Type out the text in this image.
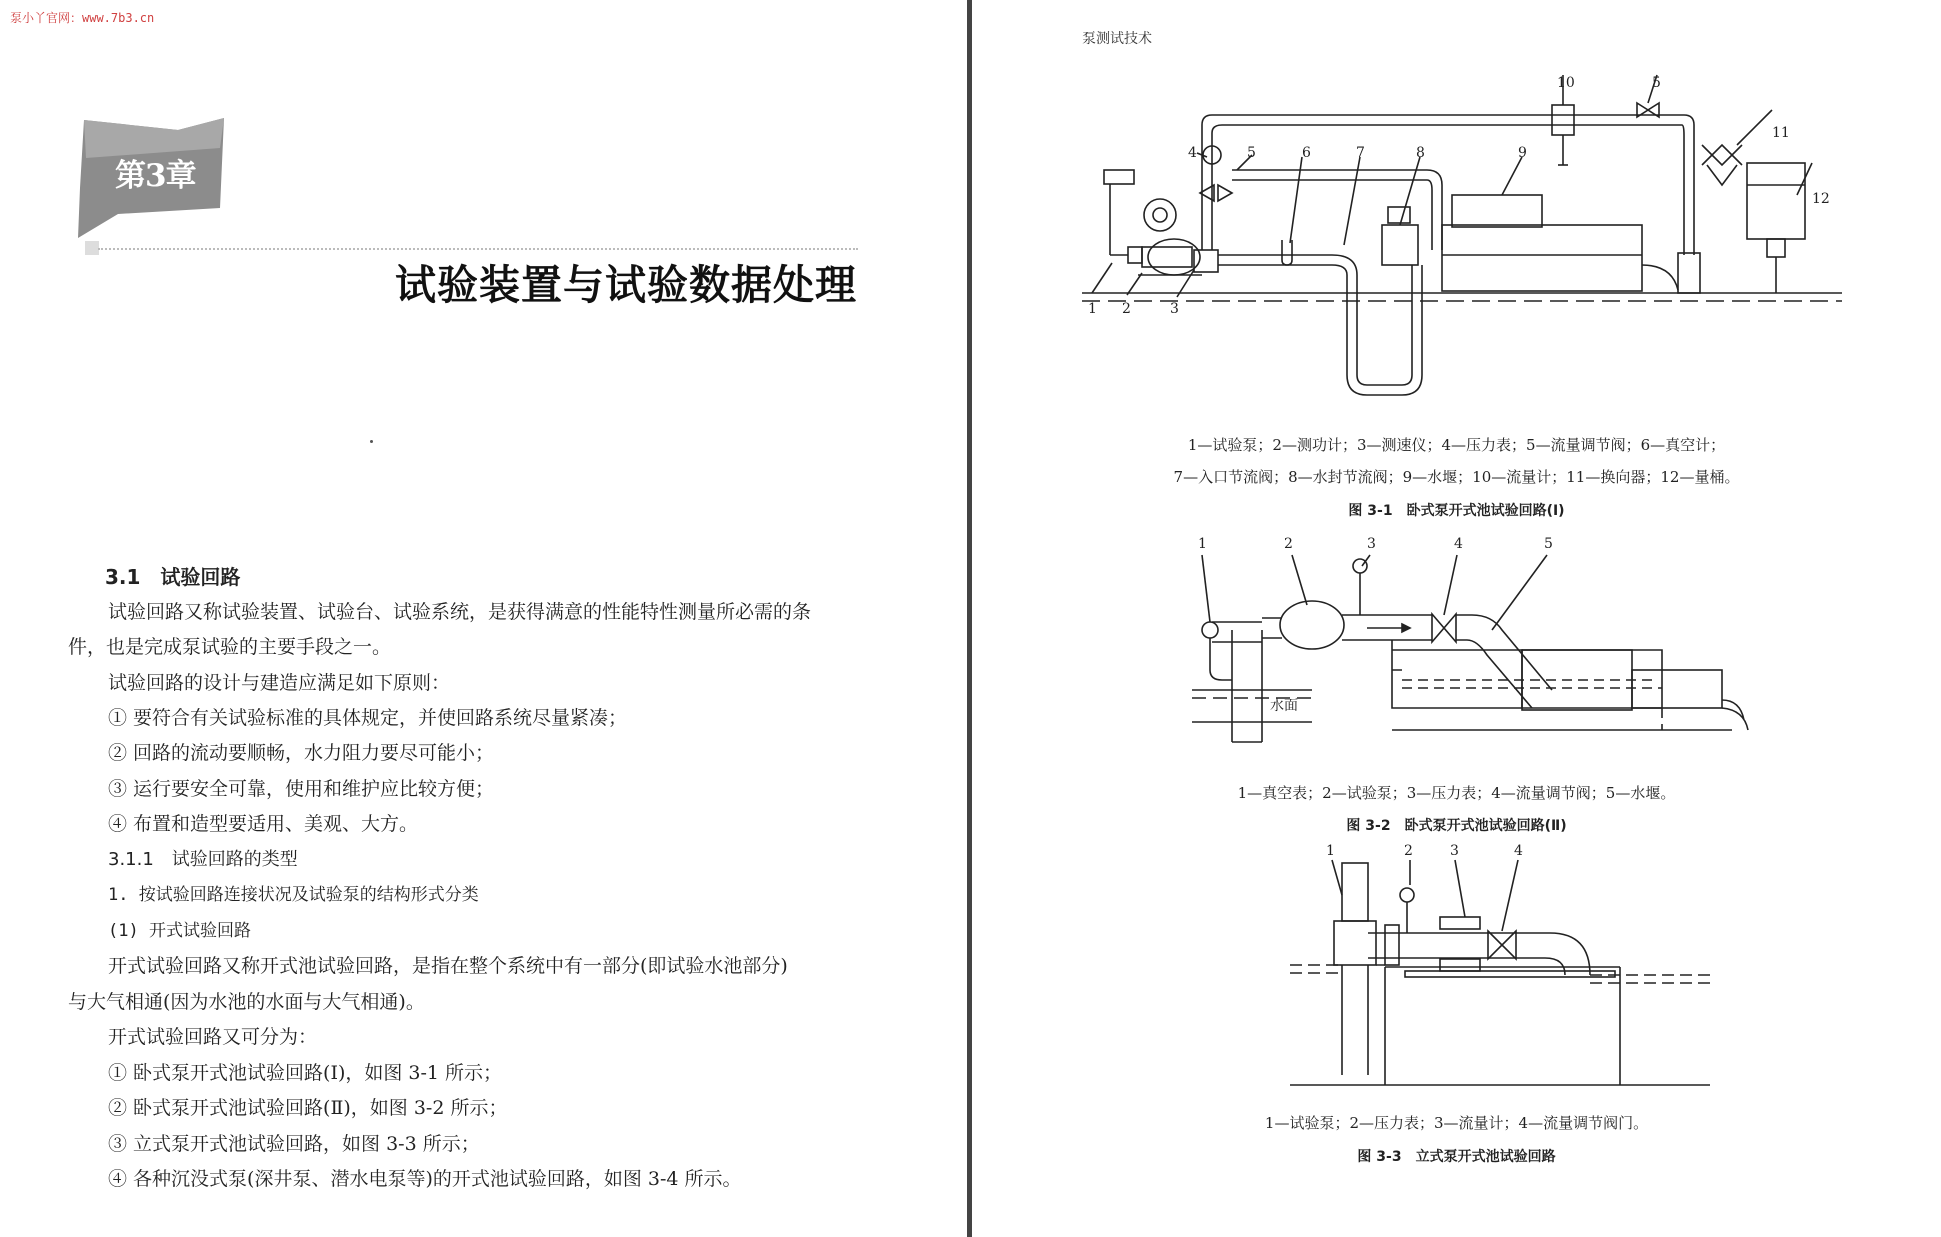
泵小丫官网：www.7b3.cn
第3章
试验装置与试验数据处理
3.1　试验回路
试验回路又称试验装置、试验台、试验系统，是获得满意的性能特性测量所必需的条
件，也是完成泵试验的主要手段之一。
试验回路的设计与建造应满足如下原则：
① 要符合有关试验标准的具体规定，并使回路系统尽量紧凑；
② 回路的流动要顺畅，水力阻力要尽可能小；
③ 运行要安全可靠，使用和维护应比较方便；
④ 布置和造型要适用、美观、大方。
3.1.1　试验回路的类型
1. 按试验回路连接状况及试验泵的结构形式分类
(1) 开式试验回路
开式试验回路又称开式池试验回路，是指在整个系统中有一部分(即试验水池部分)
与大气相通(因为水池的水面与大气相通)。
开式试验回路又可分为：
① 卧式泵开式池试验回路(Ⅰ)，如图 3-1 所示；
② 卧式泵开式池试验回路(Ⅱ)，如图 3-2 所示；
③ 立式泵开式池试验回路，如图 3-3 所示；
④ 各种沉没式泵(深井泵、潜水电泵等)的开式池试验回路，如图 3-4 所示。
泵测试技术
1 2	3
4	5	6	7	8	9
10	5
11
12
1—试验泵；2—测功计；3—测速仪；4—压力表；5—流量调节阀；6—真空计；
7—入口节流阀；8—水封节流阀；9—水堰；10—流量计；11—换向器；12—量桶。
图 3-1　卧式泵开式池试验回路(Ⅰ)
1	2	3	4	5
水面
1—真空表；2—试验泵；3—压力表；4—流量调节阀；5—水堰。
图 3-2　卧式泵开式池试验回路(Ⅱ)
1	2	3	4
1—试验泵；2—压力表；3—流量计；4—流量调节阀门。
图 3-3　立式泵开式池试验回路
